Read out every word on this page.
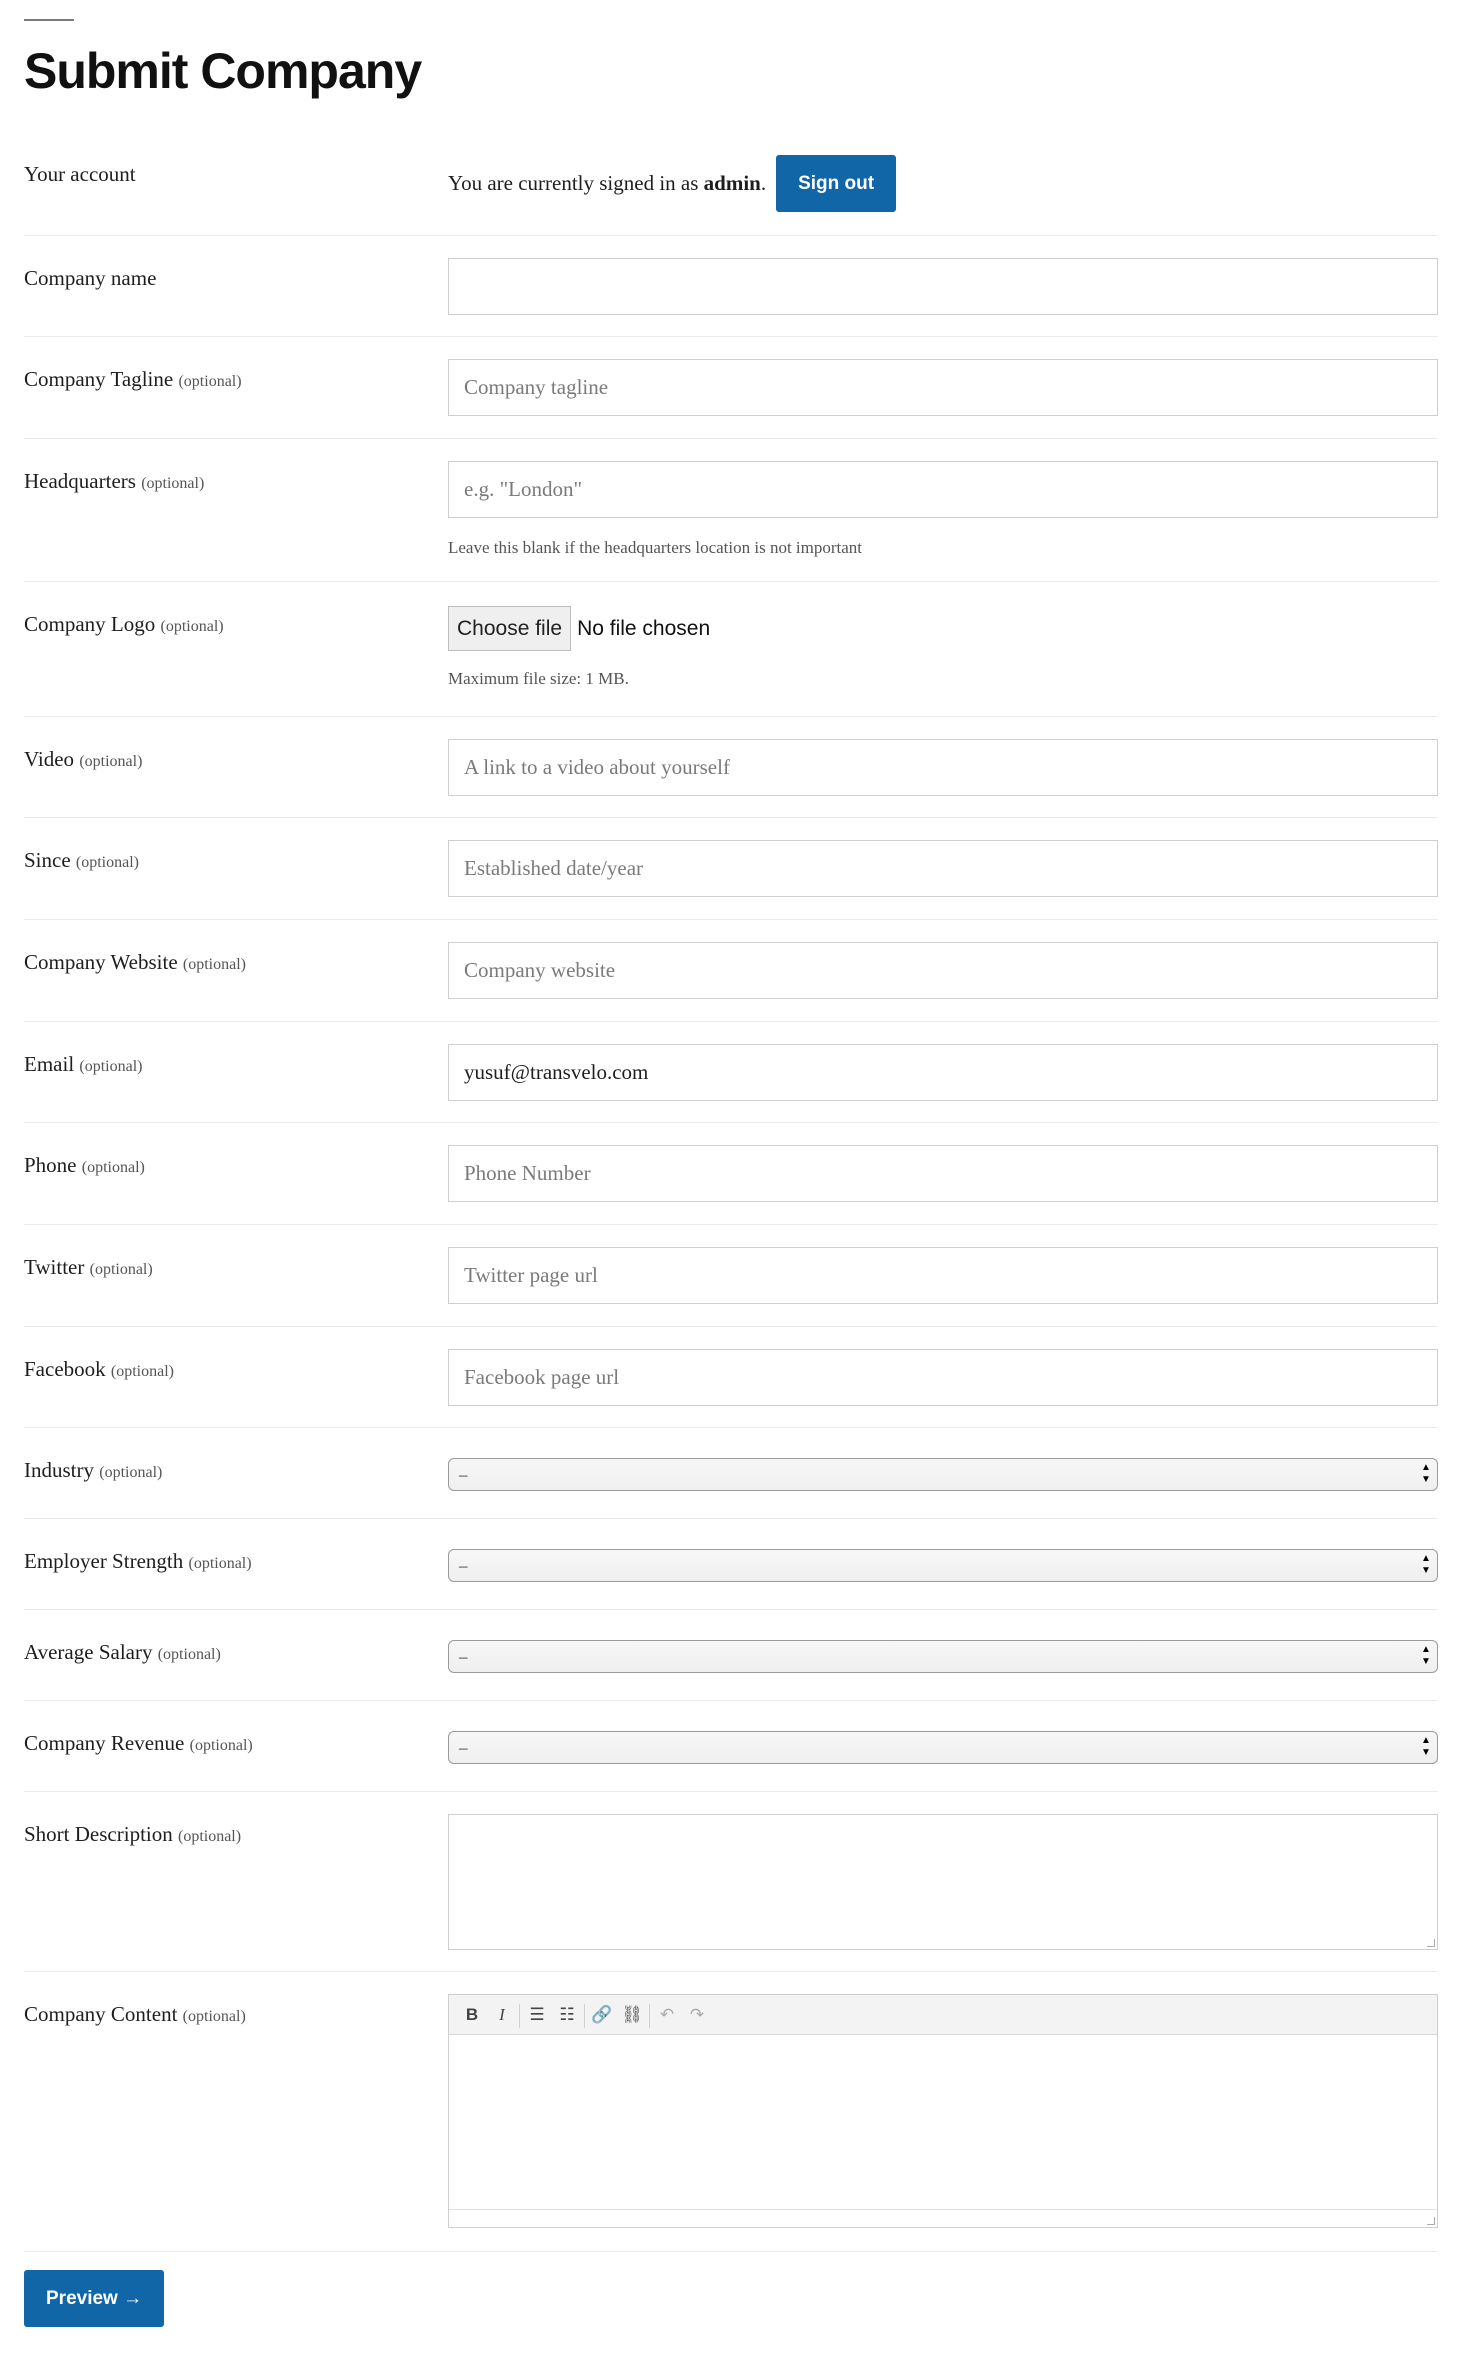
Submit Company
Your account	You are currently signed in as admin. Sign out
Company name
Company Tagline (optional)	Company tagline
Headquarters (optional)	e.g. "London"
Leave this blank if the headquarters location is not important
Company Logo (optional)	Choose file No file chosen
Maximum file size: 1 MB.
Video (optional)	A link to a video about yourself
Since (optional)	Established date/year
Company Website (optional)	Company website
Email (optional)	yusuf@transvelo.com
Phone (optional)	Phone Number
Twitter (optional)	Twitter page url
Facebook (optional)	Facebook page url
Industry (optional)	–	▲
▼
Employer Strength (optional)	–	▲
▼
Average Salary (optional)	–	▲
▼
Company Revenue (optional)	–	▲
▼
Short Description (optional)
Company Content (optional)	B I ☰ ☷ 🔗 ⛓ ↶ ↷
Preview →
